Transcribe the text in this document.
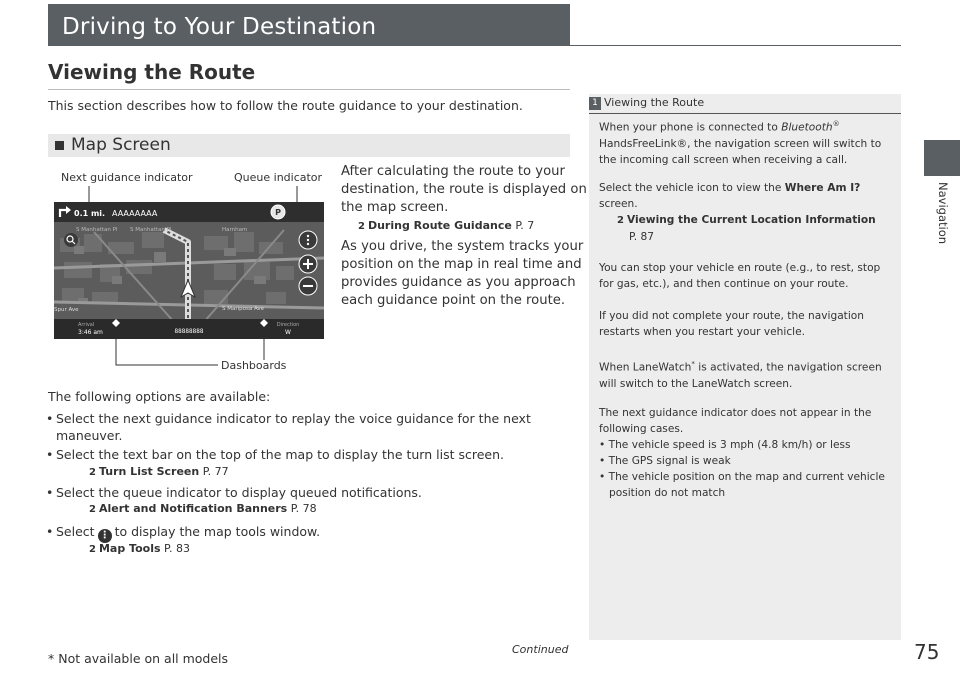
Driving to Your Destination
Viewing the Route
This section describes how to follow the route guidance to your destination.
Map Screen
Next guidance indicator	Queue indicator
Dashboards
0.1 mi. AAAAAAAA	P
S Manhattan Pl S Manhattan Pl	Harnham
S Mariposa Ave
Spur Ave
Arrival
3:46 am	88888888
Direction
W
After calculating the route to your
destination, the route is displayed on
the map screen.
2 During Route Guidance P. 7
As you drive, the system tracks your
position on the map in real time and
provides guidance as you approach
each guidance point on the route.
The following options are available:
• Select the next guidance indicator to replay the voice guidance for the next
maneuver.
• Select the text bar on the top of the map to display the turn list screen.
2 Turn List Screen P. 77
• Select the queue indicator to display queued notifications.
2 Alert and Notification Banners P. 78
• Select ⋮ to display the map tools window.
2 Map Tools P. 83
1 Viewing the Route
When your phone is connected to Bluetooth®
HandsFreeLink®, the navigation screen will switch to
the incoming call screen when receiving a call.
Select the vehicle icon to view the Where Am I?
screen.
2 Viewing the Current Location Information
P. 87
You can stop your vehicle en route (e.g., to rest, stop
for gas, etc.), and then continue on your route.
If you did not complete your route, the navigation
restarts when you restart your vehicle.
When LaneWatch* is activated, the navigation screen
will switch to the LaneWatch screen.
The next guidance indicator does not appear in the
following cases.
• The vehicle speed is 3 mph (4.8 km/h) or less
• The GPS signal is weak
• The vehicle position on the map and current vehicle
position do not match
Navigation
* Not available on all models
Continued	75
